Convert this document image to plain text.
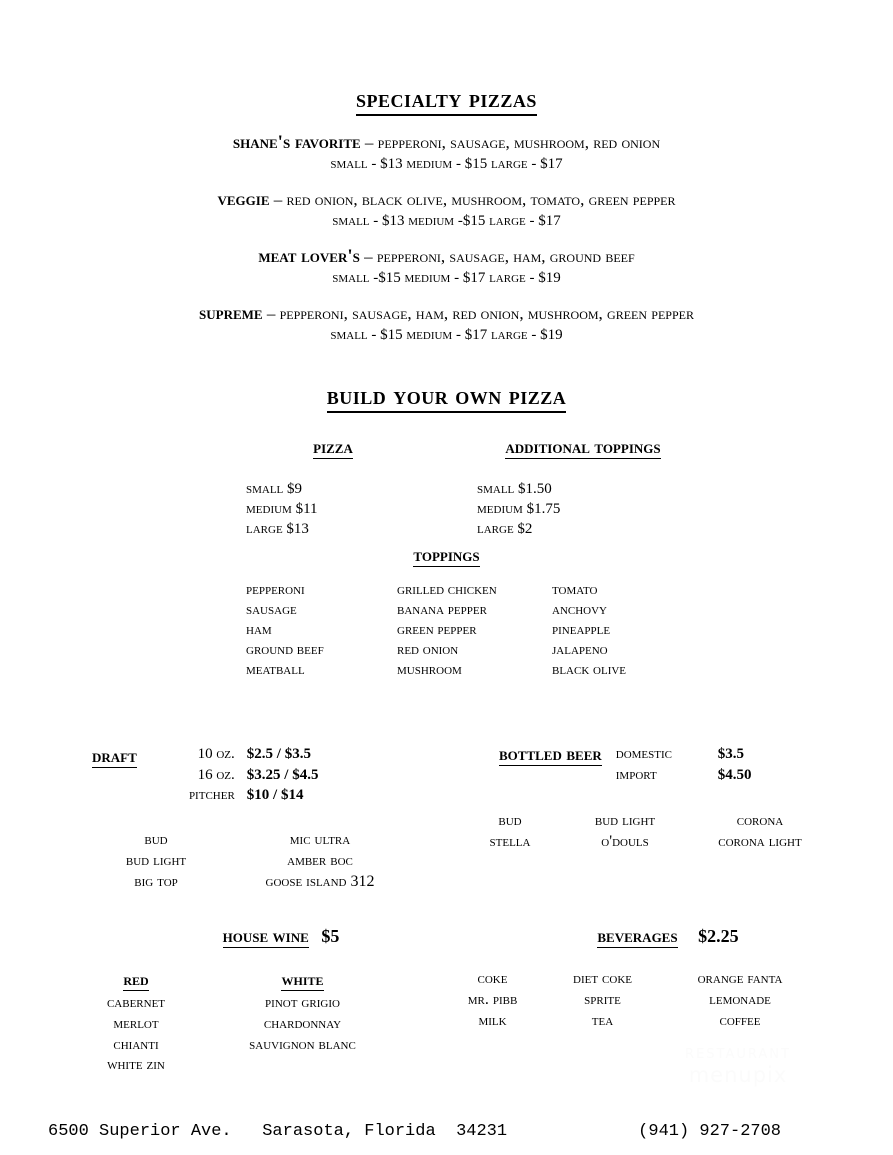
specialty pizzas
shane's favorite – pepperoni, sausage, mushroom, red onion
small - $13 medium - $15 large - $17
veggie – red onion, black olive, mushroom, tomato, green pepper
small - $13 medium -$15 large - $17
meat lover's – pepperoni, sausage, ham, ground beef
small -$15 medium - $17 large - $19
supreme – pepperoni, sausage, ham, red onion, mushroom, green pepper
small - $15 medium - $17 large - $19
build your own pizza
pizza
small $9
medium $11
large $13
additional toppings
small $1.50
medium $1.75
large $2
toppings
pepperoni
sausage
ham
ground beef
meatball
grilled chicken
banana pepper
green pepper
red onion
mushroom
tomato
anchovy
pineapple
jalapeno
black olive
draft	10 oz. $2.5 / $3.5
16 oz. $3.25 / $4.5
pitcher $10 / $14
bud
bud light
big top
mic ultra
amber boc
goose island 312
bottled beer domestic	$3.5
import	$4.50
bud
stella
bud light
o'douls
corona
corona light
house wine $5
red
cabernet
merlot
chianti
white zin
white
pinot grigio
chardonnay
sauvignon blanc
beverages $2.25
coke
mr. pibb
milk
diet coke
sprite
tea
orange fanta
lemonade
coffee
RESTAURANT
menupix
6500 Superior Ave.   Sarasota, Florida  34231	(941) 927-2708
